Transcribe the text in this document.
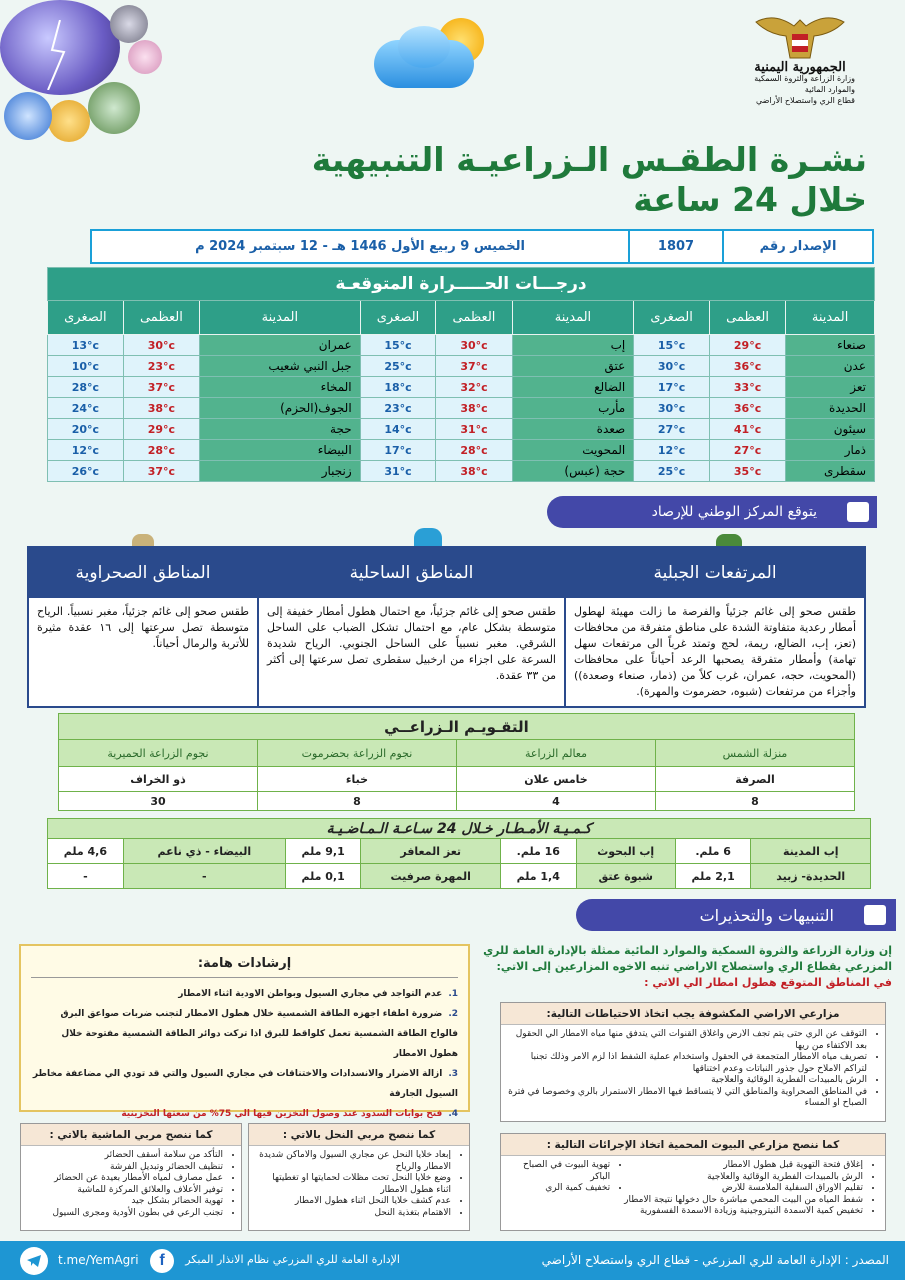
الجمهورية اليمنية
وزارة الزراعة والثروة السمكية
والموارد المائية
قطاع الري واستصلاح الأراضي
نشـرة الطقـس الـزراعيـة التنبيهية
خلال 24 ساعة
الإصدار رقم
1807
الخميس 9 ربيع الأول 1446 هـ - 12 سبتمبر 2024 م
درجـــات الحـــــرارة المتوقعـة								
المدينة	العظمى	الصغرى	المدينة	العظمى	الصغرى	المدينة	العظمى	الصغرى
صنعاء	29°c	15°c	إب	30°c	15°c	عمران	30°c	13°c
عدن	36°c	30°c	عتق	37°c	25°c	جبل النبي شعيب	23°c	10°c
تعز	33°c	17°c	الضالع	32°c	18°c	المخاء	37°c	28°c
الحديدة	36°c	30°c	مأرب	38°c	23°c	الجوف(الحزم)	38°c	24°c
سيئون	41°c	27°c	صعدة	31°c	14°c	حجة	29°c	20°c
ذمار	27°c	12°c	المحويت	28°c	17°c	البيضاء	28°c	12°c
سقطرى	35°c	25°c	حجة (عبس)	38°c	31°c	زنجبار	37°c	26°c
يتوقع المركز الوطني للإرصاد
المرتفعات الجبلية
طقس صحو إلى غائم جزئياً والفرصة ما زالت مهيئة لهطول أمطار رعدية متفاوتة الشدة على مناطق متفرقة من محافظات (تعز، إب، الضالع، ريمة، لحج وتمتد غرباً الى مرتفعات سهل تهامة) وأمطار متفرقة يصحبها الرعد أحياناً على محافظات (المحويت، حجه، عمران، غرب كلاً من (ذمار، صنعاء وصعدة)) وأجزاء من مرتفعات (شبوه، حضرموت والمهرة).
المناطق الساحلية
طقس صحو إلى غائم جزئياً، مع احتمال هطول أمطار خفيفة إلى متوسطة بشكل عام، مع احتمال تشكل الضباب على الساحل الشرقي. مغبر نسبياً على الساحل الجنوبي. الرياح شديدة السرعة على اجزاء من ارخبيل سقطرى تصل سرعتها إلى أكثر من ٣٣ عقدة.
المناطق الصحراوية
طقس صحو إلى غائم جزئياً، مغبر نسبياً. الرياح متوسطة تصل سرعتها إلى ١٦ عقدة مثيرة للأتربة والرمال أحياناً.
التقـويـم الـزراعــي			
منزلة الشمس	معالم الزراعة	نجوم الزراعة بحضرموت	نجوم الزراعة الحميرية
الصرفة	خامس علان	خباء	ذو الخراف
8	4	8	30
كـمـيـة الأمـطـار خـلال 24 سـاعـة الـمـاضـيـة							
إب المدينة	6 ملم.	إب البحوث	16 ملم.	تعز المعافر	9,1 ملم	البيضاء - ذي ناعم	4,6 ملم
الحديدة- زبيد	2,1 ملم	شبوة عتق	1,4 ملم	المهرة صرفيت	0,1 ملم	-	-
التنبيهات والتحذيرات
إن وزارة الزراعة والثروة السمكية والموارد المائية ممثلة بالإدارة العامة للري المزرعي بقطاع الري واستصلاح الاراضي تنبه الاخوه المزارعين إلى الاتي: في المناطق المتوقع هطول امطار الي الاتي :
إرشادات هامة:
1.عدم التواجد في مجاري السيول وبواطن الاودية اثناء الامطار
2.ضرورة اطفاء اجهزه الطاقة الشمسية خلال هطول الامطار لتجنب ضربات صواعق البرق فالواح الطاقة الشمسية تعمل كلواقط للبرق اذا تركت دوائر الطاقة الشمسية مفتوحة خلال هطول الامطار
3.ازالة الاضرار والانسدادات والاختناقات في مجاري السيول والتي قد تودي الي مضاعفة مخاطر السيول الجارفة
4.فتح بوابات السدود عند وصول التخزين فيها الي 75% من سعتها التخزينية
مزارعي الاراضي المكشوفة يجب اتخاذ الاحتياطات التالية:
• التوقف عن الري حتى يتم تجف الارض واغلاق القنوات التي يتدفق منها مياه الامطار الي الحقول بعد الاكتفاء من ريها
• تصريف مياه الامطار المتجمعة في الحقول واستخدام عملية الشفط اذا لزم الامر وذلك تجنبا لتراكم الاملاح حول جذور النباتات وعدم اختناقها
• الرش بالمبيدات الفطرية الوقائية والعلاجية
• في المناطق الصحراوية والمناطق التي لا يتساقط فيها الامطار الاستمرار بالري وخصوصا في فترة الصباح او المساء
كما ننصح مزارعي البيوت المحمية اتخاذ الإجرائات التالية :
• إغلاق فتحة التهوية قبل هطول الامطار
• الرش بالمبيدات الفطرية الوقائية والعلاجية
• تقليم الاوراق السفلية الملامسة للارض
• شفط المياه من البيت المحمي مباشرة حال دخولها نتيجة الامطار
• تخفيض كمية الاسمدة النيتروجينية وزيادة الاسمدة الفسفورية
• تهوية البيوت في الصباح الباكر
• تخفيف كمية الري
كما ننصح مربي النحل بالاتي :
• إبعاد خلايا النحل عن مجاري السيول والاماكن شديدة الامطار والرياح
• وضع خلايا النحل تحت مظلات لحمايتها او تغطيتها اثناء هطول الامطار
• عدم كشف خلايا النحل اثناء هطول الامطار
• الاهتمام بتغذية النحل
كما ننصح مربي الماشية بالاتي :
• التأكد من سلامة أسقف الحضائر
• تنظيف الحضائر وتبديل الفرشة
• عمل مصارف لمياه الأمطار بعيدة عن الحضائر
• توفير الأعلاف والعلائق المركزة للماشية
• تهوية الحضائر بشكل جيد
• تجنب الرعي في بطون الأودية ومجرى السيول
المصدر : الإدارة العامة للري المزرعي - قطاع الري واستصلاح الأراضي
الإدارة العامة للري المزرعي نظام الانذار المبكر
f
t.me/YemAgri
